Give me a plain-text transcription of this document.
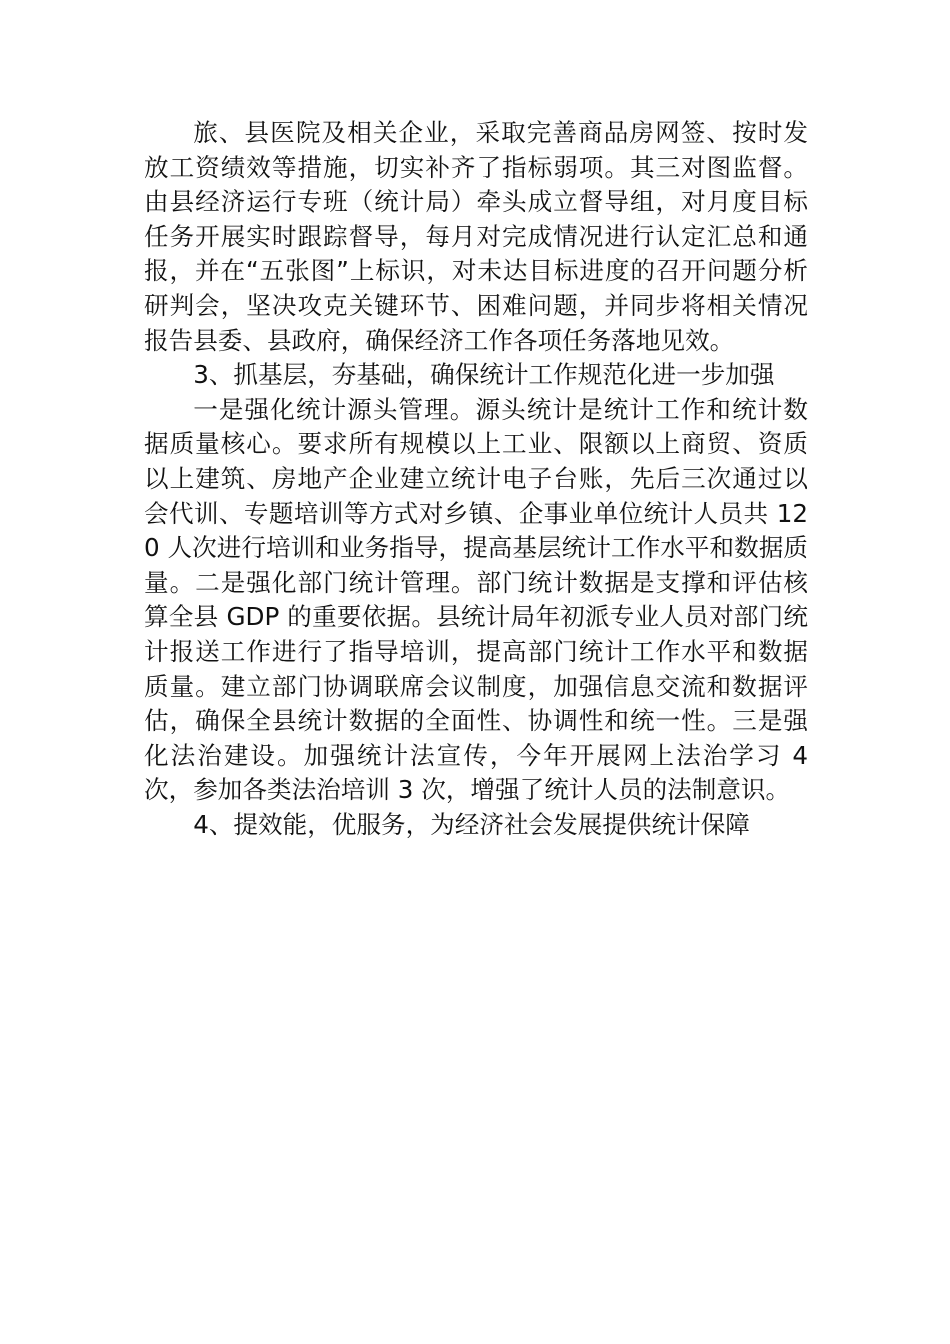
旅、县医院及相关企业，采取完善商品房网签、按时发放工资绩效等措施，切实补齐了指标弱项。其三对图监督。由县经济运行专班（统计局）牵头成立督导组，对月度目标任务开展实时跟踪督导，每月对完成情况进行认定汇总和通报，并在“五张图”上标识，对未达目标进度的召开问题分析研判会，坚决攻克关键环节、困难问题，并同步将相关情况报告县委、县政府，确保经济工作各项任务落地见效。

3、抓基层，夯基础，确保统计工作规范化进一步加强

一是强化统计源头管理。源头统计是统计工作和统计数据质量核心。要求所有规模以上工业、限额以上商贸、资质以上建筑、房地产企业建立统计电子台账，先后三次通过以会代训、专题培训等方式对乡镇、企事业单位统计人员共 120 人次进行培训和业务指导，提高基层统计工作水平和数据质量。二是强化部门统计管理。部门统计数据是支撑和评估核算全县 GDP 的重要依据。县统计局年初派专业人员对部门统计报送工作进行了指导培训，提高部门统计工作水平和数据质量。建立部门协调联席会议制度，加强信息交流和数据评估，确保全县统计数据的全面性、协调性和统一性。三是强化法治建设。加强统计法宣传，今年开展网上法治学习 4 次，参加各类法治培训 3 次，增强了统计人员的法制意识。

4、提效能，优服务，为经济社会发展提供统计保障
